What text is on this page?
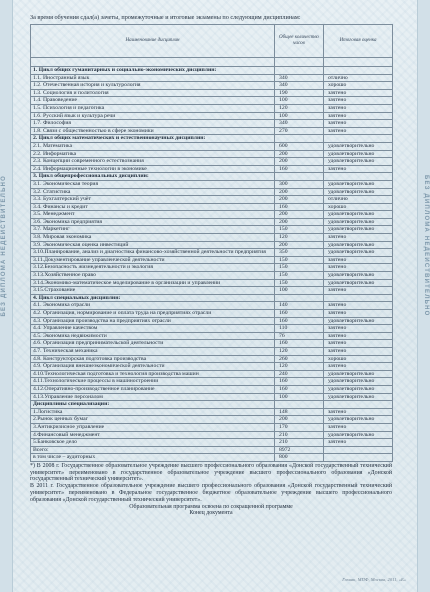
БЕЗ ДИПЛОМА НЕДЕЙСТВИТЕЛЬНО	БЕЗ ДИПЛОМА НЕДЕЙСТВИТЕЛЬНО
За время обучения сдал(а) зачеты, промежуточные и итоговые экзамены по следующим дисциплинам:
Наименование дисциплин	Общее количество часов	Итоговая оценка

1. Цикл общих гуманитарных и социально-экономических дисциплин:		
1.1. Иностранный язык	340	отлично
1.2. Отечественная история и культурология	340	хорошо
1.3. Социология и политология	190	зачтено
1.4. Правоведение	100	зачтено
1.5. Психология и педагогика	120	зачтено
1.6. Русский язык и культура речи	100	зачтено
1.7. Философия	340	зачтено
1.8. Связи с общественностью в сфере экономики	270	зачтено
2. Цикл общих математических и естественнонаучных дисциплин:		
2.1. Математика	600	удовлетворительно
2.2. Информатика	200	удовлетворительно
2.3. Концепции современного естествознания	200	удовлетворительно
2.4. Информационные технологии в экономике	160	зачтено
3. Цикл общепрофессиональных дисциплин:		
3.1. Экономическая теория	300	удовлетворительно
3.2. Статистика	200	удовлетворительно
3.3. Бухгалтерский учёт	200	отлично
3.4. Финансы и кредит	160	хорошо
3.5. Менеджмент	200	удовлетворительно
3.6. Экономика предприятия	200	удовлетворительно
3.7. Маркетинг	150	удовлетворительно
3.8. Мировая экономика	120	зачтено
3.9. Экономическая оценка инвестиций	200	удовлетворительно
3.10.Планирование, анализ и диагностика финансово-хозяйственной деятельности предприятия	350	удовлетворительно
3.11.Документирование управленческой деятельности	150	зачтено
3.12.Безопасность жизнедеятельности и экология	150	зачтено
3.13.Хозяйственное право	150	удовлетворительно
3.14.Экономико-математическое моделирование в организации и управлении	150	удовлетворительно
3.15.Страхование	100	зачтено
4. Цикл специальных дисциплин:		
4.1. Экономика отрасли	140	зачтено
4.2. Организация, нормирование и оплата труда на предприятиях отрасли	160	зачтено
4.3. Организация производства на предприятиях отрасли	160	удовлетворительно
4.4. Управление качеством	110	зачтено
4.5. Экономика недвижимости	76	зачтено
4.6. Организация предпринимательской деятельности	160	зачтено
4.7. Техническая механика	120	зачтено
4.8. Конструкторская подготовка производства	260	хорошо
4.9. Организация внешнеэкономической деятельности	120	зачтено
4.10.Технологическая подготовка и технология производства машин	240	удовлетворительно
4.11.Технологические процессы в машиностроении	160	удовлетворительно
4.12.Оперативно-производственное планирование	160	удовлетворительно
4.13.Управление персоналом	100	удовлетворительно
Дисциплины специализации:		
1.Логистика	148	зачтено
2.Рынок ценных бумаг	200	удовлетворительно
3.Антикризисное управление	170	зачтено
4.Финансовый менеджмент	210	удовлетворительно
5.Банковское дело	210	зачтено
Всего:	8972	
в том числе – аудиторных	800	

*) В 2008 г. Государственное образовательное учреждение высшего профессионального образования «Донской государственный технический университет» переименовано в государственное образовательное учреждение высшего профессионального образования «Донской государственный технический университет».

В 2011 г. Государственное образовательное учреждение высшего профессионального образования «Донской государственный технический университет» переименовано в Федеральное государственное бюджетное образовательное учреждение высшего профессионального образования «Донской государственный технический университет».

Образовательная программа освоена по сокращенной программе

Конец документа

Гознак, МПФ, Москва, 2011, «Б»
